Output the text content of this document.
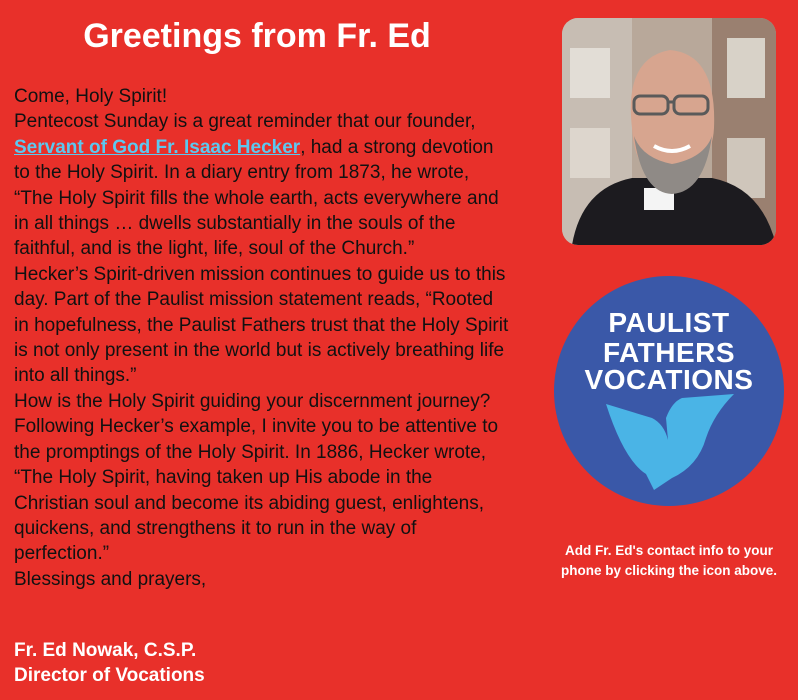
Greetings from Fr. Ed

Come, Holy Spirit!

Pentecost Sunday is a great reminder that our founder, Servant of God Fr. Isaac Hecker, had a strong devotion to the Holy Spirit. In a diary entry from 1873, he wrote, “The Holy Spirit fills the whole earth, acts everywhere and in all things … dwells substantially in the souls of the faithful, and is the light, life, soul of the Church.”

Hecker’s Spirit-driven mission continues to guide us to this day. Part of the Paulist mission statement reads, “Rooted in hopefulness, the Paulist Fathers trust that the Holy Spirit is not only present in the world but is actively breathing life into all things.”

How is the Holy Spirit guiding your discernment journey? Following Hecker’s example, I invite you to be attentive to the promptings of the Holy Spirit. In 1886, Hecker wrote, “The Holy Spirit, having taken up His abode in the Christian soul and become its abiding guest, enlightens, quickens, and strengthens it to run in the way of perfection.”

Blessings and prayers,

Fr. Ed Nowak, C.S.P.
Director of Vocations
PAULIST
FATHERS
VOCATIONS
Add Fr. Ed's contact info to your
phone by clicking the icon above.
